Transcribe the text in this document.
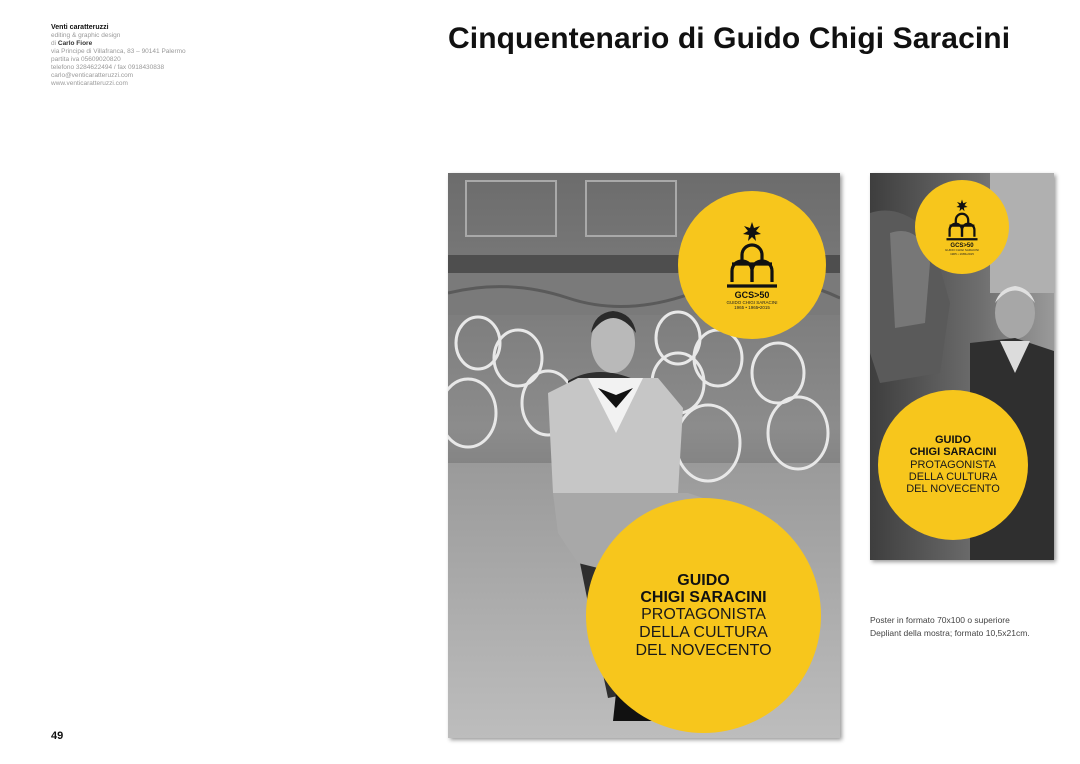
Venti caratteruzzi
editing & graphic design
di Carlo Fiore
via Principe di Villafranca, 83 – 90141 Palermo
partita iva 05609020820
telefono 3284622494 / fax 0918430838
carlo@venticaratteruzzi.com
www.venticaratteruzzi.com
Cinquentenario di Guido Chigi Saracini
GCS>50
GUIDO CHIGI SARACINI
1965 • 1965•2015
GUIDO
CHIGI SARACINI
PROTAGONISTA
DELLA CULTURA
DEL NOVECENTO
GCS>50
GUIDO CHIGI SARACINI
1965 • 1965•2015
GUIDO
CHIGI SARACINI
PROTAGONISTA
DELLA CULTURA
DEL NOVECENTO
Poster in formato 70x100 o superiore
Depliant della mostra; formato 10,5x21cm.
49
